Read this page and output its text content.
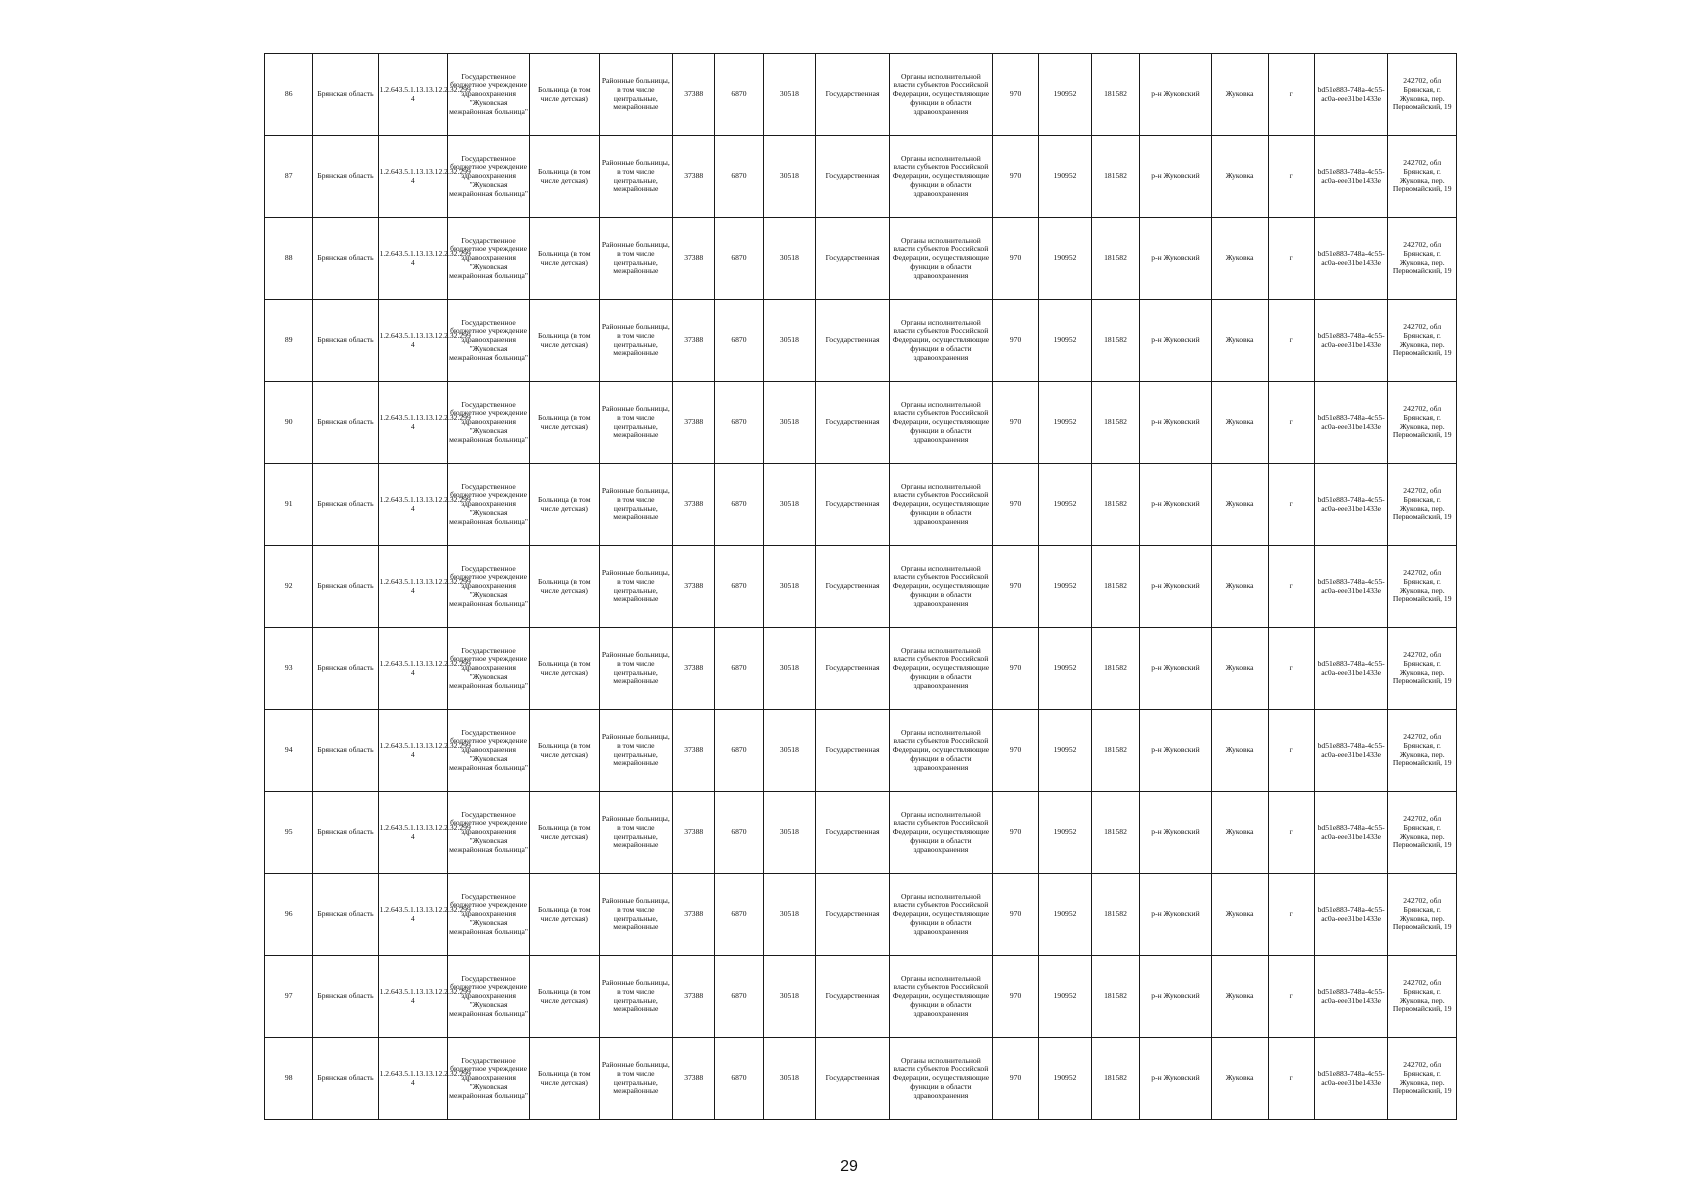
86	Брянская область	1.2.643.5.1.13.13.12.2.32.299 4	Государственное бюджетное учреждение здравоохранения "Жуковская межрайонная больница"	Больница (в том числе детская)	Районные больницы, в том числе центральные, межрайонные	37388	6870	30518	Государственная	Органы исполнительной власти субъектов Российской Федерации, осуществляющие функции в области здравоохранения	970	190952	181582	р-н Жуковский	Жуковка	г	bd51e883-748a-4c55-ac0a-eee31be1433e	242702, обл Брянская, г. Жуковка, пер. Первомайский, 19
87	Брянская область	1.2.643.5.1.13.13.12.2.32.299 4	Государственное бюджетное учреждение здравоохранения "Жуковская межрайонная больница"	Больница (в том числе детская)	Районные больницы, в том числе центральные, межрайонные	37388	6870	30518	Государственная	Органы исполнительной власти субъектов Российской Федерации, осуществляющие функции в области здравоохранения	970	190952	181582	р-н Жуковский	Жуковка	г	bd51e883-748a-4c55-ac0a-eee31be1433e	242702, обл Брянская, г. Жуковка, пер. Первомайский, 19
88	Брянская область	1.2.643.5.1.13.13.12.2.32.299 4	Государственное бюджетное учреждение здравоохранения "Жуковская межрайонная больница"	Больница (в том числе детская)	Районные больницы, в том числе центральные, межрайонные	37388	6870	30518	Государственная	Органы исполнительной власти субъектов Российской Федерации, осуществляющие функции в области здравоохранения	970	190952	181582	р-н Жуковский	Жуковка	г	bd51e883-748a-4c55-ac0a-eee31be1433e	242702, обл Брянская, г. Жуковка, пер. Первомайский, 19
89	Брянская область	1.2.643.5.1.13.13.12.2.32.299 4	Государственное бюджетное учреждение здравоохранения "Жуковская межрайонная больница"	Больница (в том числе детская)	Районные больницы, в том числе центральные, межрайонные	37388	6870	30518	Государственная	Органы исполнительной власти субъектов Российской Федерации, осуществляющие функции в области здравоохранения	970	190952	181582	р-н Жуковский	Жуковка	г	bd51e883-748a-4c55-ac0a-eee31be1433e	242702, обл Брянская, г. Жуковка, пер. Первомайский, 19
90	Брянская область	1.2.643.5.1.13.13.12.2.32.299 4	Государственное бюджетное учреждение здравоохранения "Жуковская межрайонная больница"	Больница (в том числе детская)	Районные больницы, в том числе центральные, межрайонные	37388	6870	30518	Государственная	Органы исполнительной власти субъектов Российской Федерации, осуществляющие функции в области здравоохранения	970	190952	181582	р-н Жуковский	Жуковка	г	bd51e883-748a-4c55-ac0a-eee31be1433e	242702, обл Брянская, г. Жуковка, пер. Первомайский, 19
91	Брянская область	1.2.643.5.1.13.13.12.2.32.299 4	Государственное бюджетное учреждение здравоохранения "Жуковская межрайонная больница"	Больница (в том числе детская)	Районные больницы, в том числе центральные, межрайонные	37388	6870	30518	Государственная	Органы исполнительной власти субъектов Российской Федерации, осуществляющие функции в области здравоохранения	970	190952	181582	р-н Жуковский	Жуковка	г	bd51e883-748a-4c55-ac0a-eee31be1433e	242702, обл Брянская, г. Жуковка, пер. Первомайский, 19
92	Брянская область	1.2.643.5.1.13.13.12.2.32.299 4	Государственное бюджетное учреждение здравоохранения "Жуковская межрайонная больница"	Больница (в том числе детская)	Районные больницы, в том числе центральные, межрайонные	37388	6870	30518	Государственная	Органы исполнительной власти субъектов Российской Федерации, осуществляющие функции в области здравоохранения	970	190952	181582	р-н Жуковский	Жуковка	г	bd51e883-748a-4c55-ac0a-eee31be1433e	242702, обл Брянская, г. Жуковка, пер. Первомайский, 19
93	Брянская область	1.2.643.5.1.13.13.12.2.32.299 4	Государственное бюджетное учреждение здравоохранения "Жуковская межрайонная больница"	Больница (в том числе детская)	Районные больницы, в том числе центральные, межрайонные	37388	6870	30518	Государственная	Органы исполнительной власти субъектов Российской Федерации, осуществляющие функции в области здравоохранения	970	190952	181582	р-н Жуковский	Жуковка	г	bd51e883-748a-4c55-ac0a-eee31be1433e	242702, обл Брянская, г. Жуковка, пер. Первомайский, 19
94	Брянская область	1.2.643.5.1.13.13.12.2.32.299 4	Государственное бюджетное учреждение здравоохранения "Жуковская межрайонная больница"	Больница (в том числе детская)	Районные больницы, в том числе центральные, межрайонные	37388	6870	30518	Государственная	Органы исполнительной власти субъектов Российской Федерации, осуществляющие функции в области здравоохранения	970	190952	181582	р-н Жуковский	Жуковка	г	bd51e883-748a-4c55-ac0a-eee31be1433e	242702, обл Брянская, г. Жуковка, пер. Первомайский, 19
95	Брянская область	1.2.643.5.1.13.13.12.2.32.299 4	Государственное бюджетное учреждение здравоохранения "Жуковская межрайонная больница"	Больница (в том числе детская)	Районные больницы, в том числе центральные, межрайонные	37388	6870	30518	Государственная	Органы исполнительной власти субъектов Российской Федерации, осуществляющие функции в области здравоохранения	970	190952	181582	р-н Жуковский	Жуковка	г	bd51e883-748a-4c55-ac0a-eee31be1433e	242702, обл Брянская, г. Жуковка, пер. Первомайский, 19
96	Брянская область	1.2.643.5.1.13.13.12.2.32.299 4	Государственное бюджетное учреждение здравоохранения "Жуковская межрайонная больница"	Больница (в том числе детская)	Районные больницы, в том числе центральные, межрайонные	37388	6870	30518	Государственная	Органы исполнительной власти субъектов Российской Федерации, осуществляющие функции в области здравоохранения	970	190952	181582	р-н Жуковский	Жуковка	г	bd51e883-748a-4c55-ac0a-eee31be1433e	242702, обл Брянская, г. Жуковка, пер. Первомайский, 19
97	Брянская область	1.2.643.5.1.13.13.12.2.32.299 4	Государственное бюджетное учреждение здравоохранения "Жуковская межрайонная больница"	Больница (в том числе детская)	Районные больницы, в том числе центральные, межрайонные	37388	6870	30518	Государственная	Органы исполнительной власти субъектов Российской Федерации, осуществляющие функции в области здравоохранения	970	190952	181582	р-н Жуковский	Жуковка	г	bd51e883-748a-4c55-ac0a-eee31be1433e	242702, обл Брянская, г. Жуковка, пер. Первомайский, 19
98	Брянская область	1.2.643.5.1.13.13.12.2.32.299 4	Государственное бюджетное учреждение здравоохранения "Жуковская межрайонная больница"	Больница (в том числе детская)	Районные больницы, в том числе центральные, межрайонные	37388	6870	30518	Государственная	Органы исполнительной власти субъектов Российской Федерации, осуществляющие функции в области здравоохранения	970	190952	181582	р-н Жуковский	Жуковка	г	bd51e883-748a-4c55-ac0a-eee31be1433e	242702, обл Брянская, г. Жуковка, пер. Первомайский, 19
29
